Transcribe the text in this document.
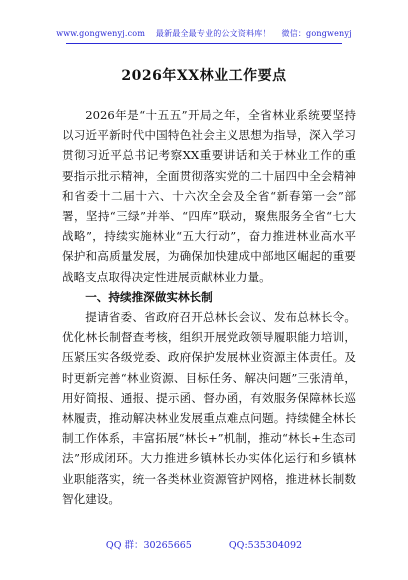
www.gongwenyj.com 最新最全最专业的公文资料库！ 微信：gongwenyj
2026年XX林业工作要点

2026年是“十五五”开局之年，全省林业系统要坚持以习近平新时代中国特色社会主义思想为指导，深入学习贯彻习近平总书记考察XX重要讲话和关于林业工作的重要指示批示精神，全面贯彻落实党的二十届四中全会精神和省委十二届十六、十六次全会及全省“新春第一会”部署，坚持“三绿”并举、“四库”联动，聚焦服务全省“七大战略”，持续实施林业“五大行动”，奋力推进林业高水平保护和高质量发展，为确保加快建成中部地区崛起的重要战略支点取得决定性进展贡献林业力量。

一、持续推深做实林长制

提请省委、省政府召开总林长会议、发布总林长令。优化林长制督查考核，组织开展党政领导履职能力培训，压紧压实各级党委、政府保护发展林业资源主体责任。及时更新完善“林业资源、目标任务、解决问题”三张清单，用好简报、通报、提示函、督办函，有效服务保障林长巡林履责，推动解决林业发展重点难点问题。持续健全林长制工作体系，丰富拓展“林长+”机制，推动“林长+生态司法”形成闭环。大力推进乡镇林长办实体化运行和乡镇林业职能落实，统一各类林业资源管护网格，推进林长制数智化建设。

QQ 群：30265665	QQ:535304092
